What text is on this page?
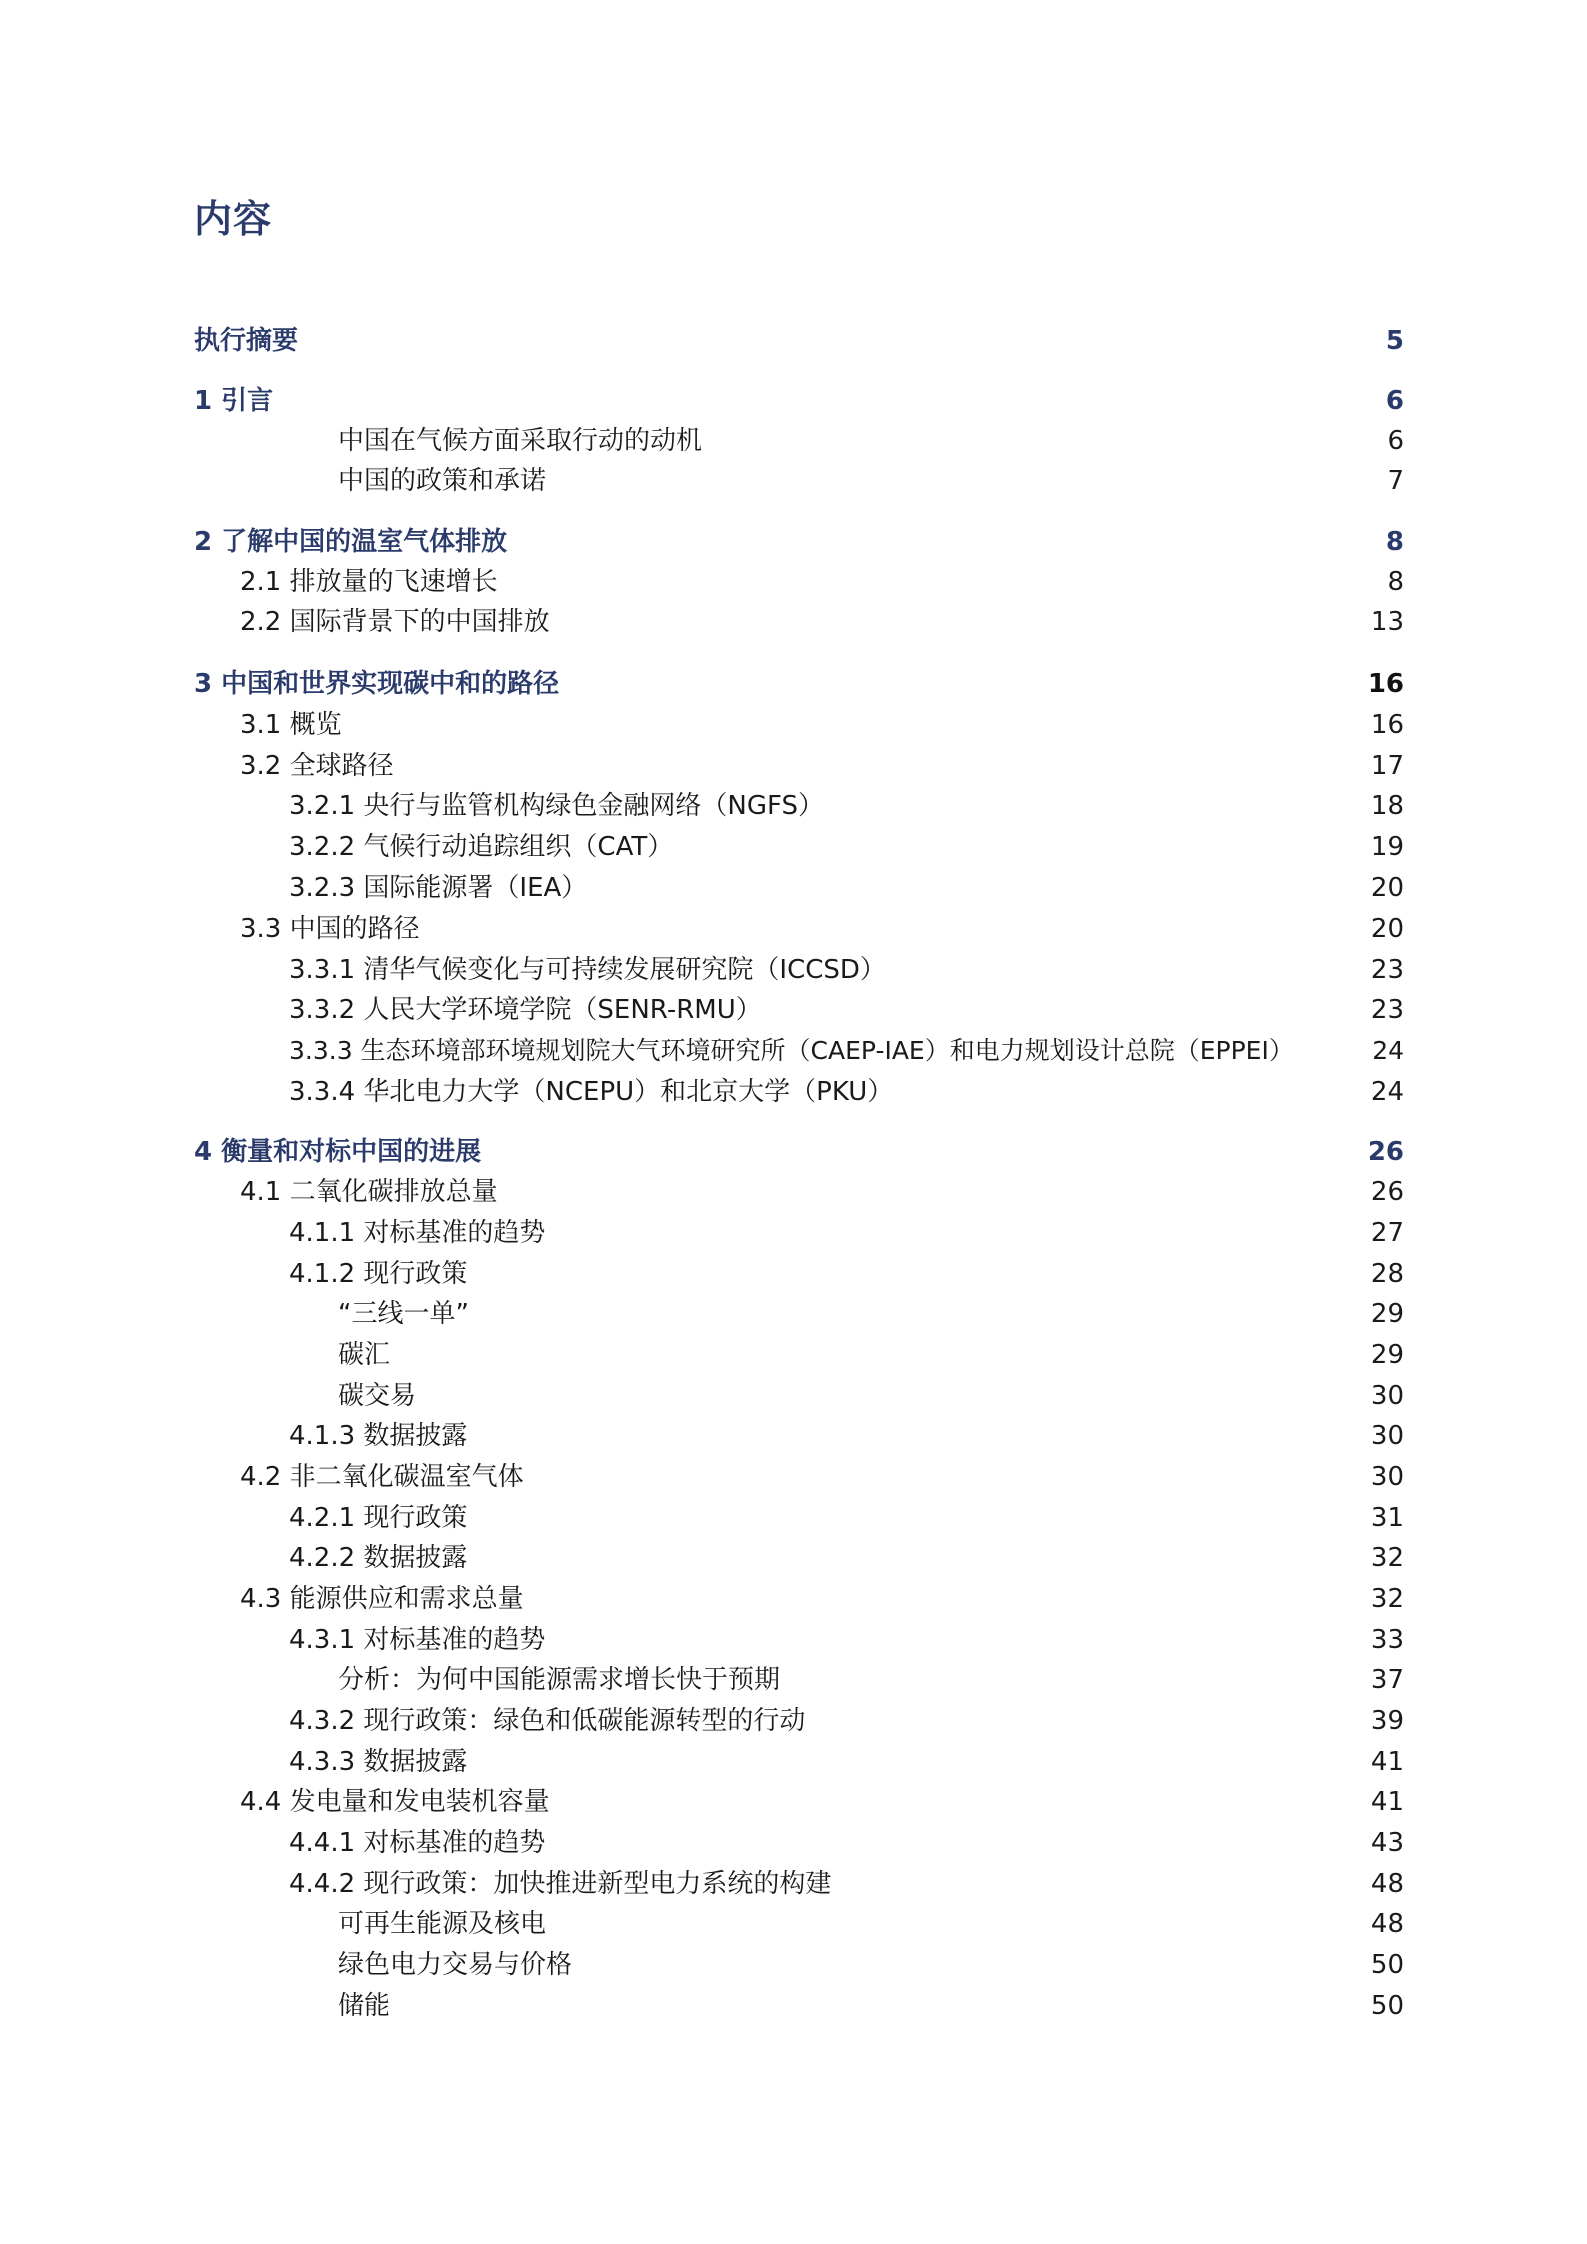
内容
执行摘要	5
1 引言	6
中国在气候方面采取行动的动机	6
中国的政策和承诺	7
2 了解中国的温室气体排放	8
2.1 排放量的飞速增长	8
2.2 国际背景下的中国排放	13
3 中国和世界实现碳中和的路径	16
3.1 概览	16
3.2 全球路径	17
3.2.1 央行与监管机构绿色金融网络（NGFS）	18
3.2.2 气候行动追踪组织（CAT）	19
3.2.3 国际能源署（IEA）	20
3.3 中国的路径	20
3.3.1 清华气候变化与可持续发展研究院（ICCSD）	23
3.3.2 人民大学环境学院（SENR-RMU）	23
3.3.3 生态环境部环境规划院大气环境研究所（CAEP-IAE）和电力规划设计总院（EPPEI）	24
3.3.4 华北电力大学（NCEPU）和北京大学（PKU）	24
4 衡量和对标中国的进展	26
4.1 二氧化碳排放总量	26
4.1.1 对标基准的趋势	27
4.1.2 现行政策	28
“三线一单”	29
碳汇	29
碳交易	30
4.1.3 数据披露	30
4.2 非二氧化碳温室气体	30
4.2.1 现行政策	31
4.2.2 数据披露	32
4.3 能源供应和需求总量	32
4.3.1 对标基准的趋势	33
分析：为何中国能源需求增长快于预期	37
4.3.2 现行政策：绿色和低碳能源转型的行动	39
4.3.3 数据披露	41
4.4 发电量和发电装机容量	41
4.4.1 对标基准的趋势	43
4.4.2 现行政策：加快推进新型电力系统的构建	48
可再生能源及核电	48
绿色电力交易与价格	50
储能	50
